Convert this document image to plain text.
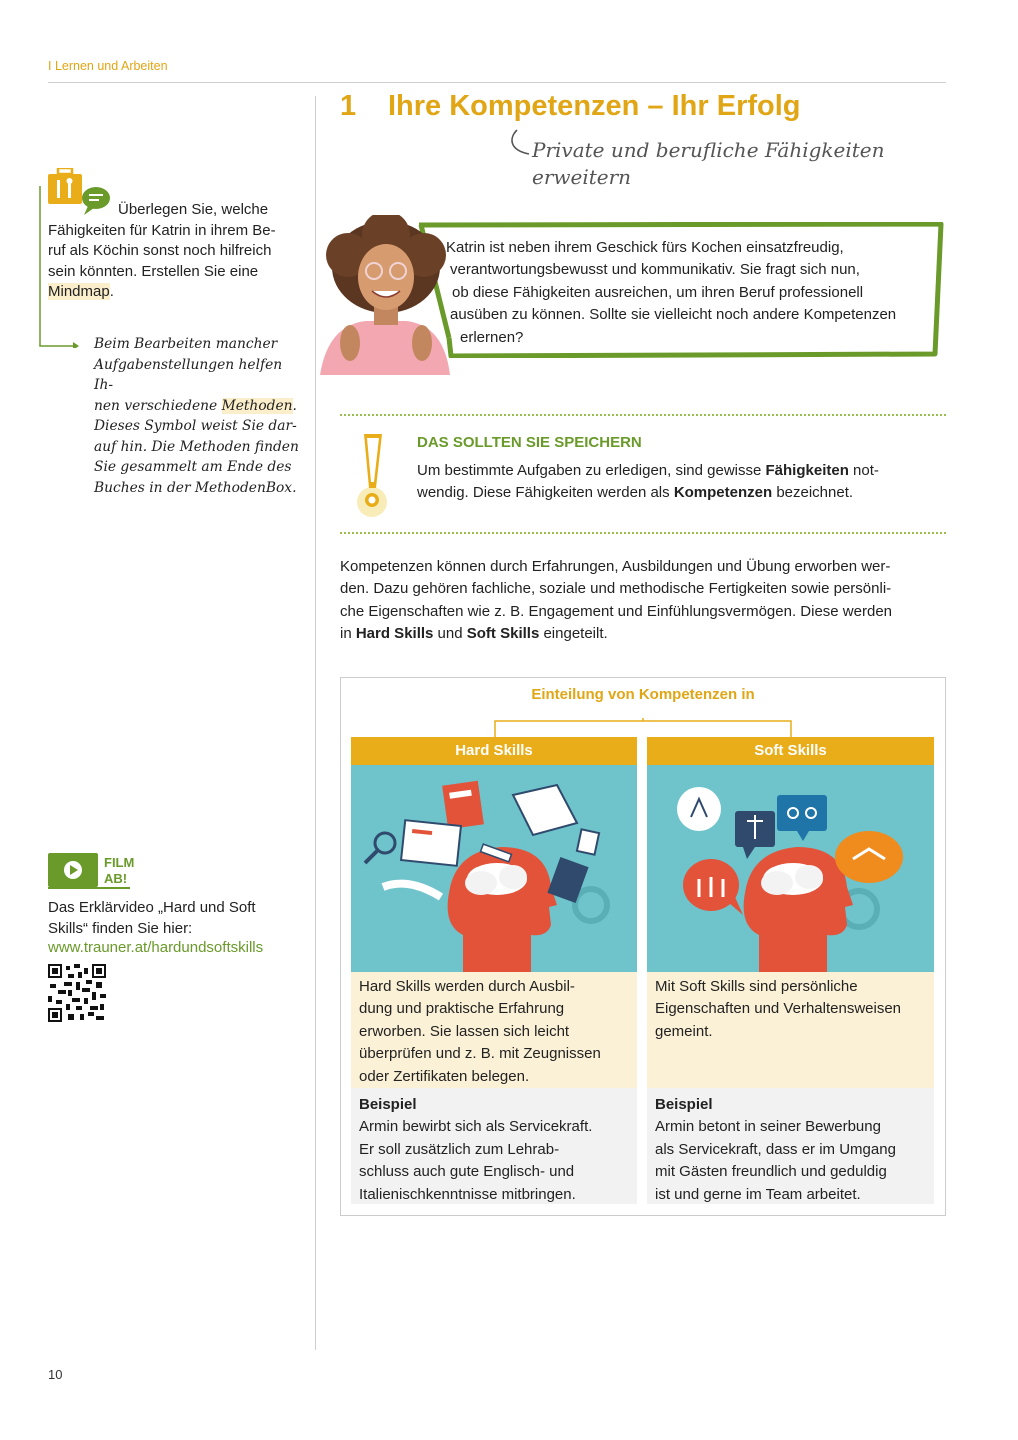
I Lernen und Arbeiten
1 Ihre Kompetenzen – Ihr Erfolg
Private und berufliche Fähigkeiten
erweitern
Überlegen Sie, welche
Fähigkeiten für Katrin in ihrem Be-
ruf als Köchin sonst noch hilfreich
sein könnten. Erstellen Sie eine
Mindmap.
Beim Bearbeiten mancher
Aufgabenstellungen helfen Ih-
nen verschiedene Methoden.
Dieses Symbol weist Sie dar-
auf hin. Die Methoden finden
Sie gesammelt am Ende des
Buches in der MethodenBox.
FILM
AB!
Das Erklärvideo „Hard und Soft
Skills“ finden Sie hier:
www.trauner.at/hardundsoftskills
Katrin ist neben ihrem Geschick fürs Kochen einsatzfreudig,
verantwortungsbewusst und kommunikativ. Sie fragt sich nun,
ob diese Fähigkeiten ausreichen, um ihren Beruf professionell
ausüben zu können. Sollte sie vielleicht noch andere Kompetenzen
erlernen?
DAS SOLLTEN SIE SPEICHERN
Um bestimmte Aufgaben zu erledigen, sind gewisse Fähigkeiten not-
wendig. Diese Fähigkeiten werden als Kompetenzen bezeichnet.
Kompetenzen können durch Erfahrungen, Ausbildungen und Übung erworben wer-
den. Dazu gehören fachliche, soziale und methodische Fertigkeiten sowie persönli-
che Eigenschaften wie z. B. Engagement und Einfühlungsvermögen. Diese werden
in Hard Skills und Soft Skills eingeteilt.
Einteilung von Kompetenzen in
Hard Skills
Hard Skills werden durch Ausbil-
dung und praktische Erfahrung
erworben. Sie lassen sich leicht
überprüfen und z. B. mit Zeugnissen
oder Zertifikaten belegen.
Beispiel
Armin bewirbt sich als Servicekraft.
Er soll zusätzlich zum Lehrab-
schluss auch gute Englisch- und
Italienischkenntnisse mitbringen.
Soft Skills
Mit Soft Skills sind persönliche
Eigenschaften und Verhaltensweisen
gemeint.
Beispiel
Armin betont in seiner Bewerbung
als Servicekraft, dass er im Umgang
mit Gästen freundlich und geduldig
ist und gerne im Team arbeitet.
10
